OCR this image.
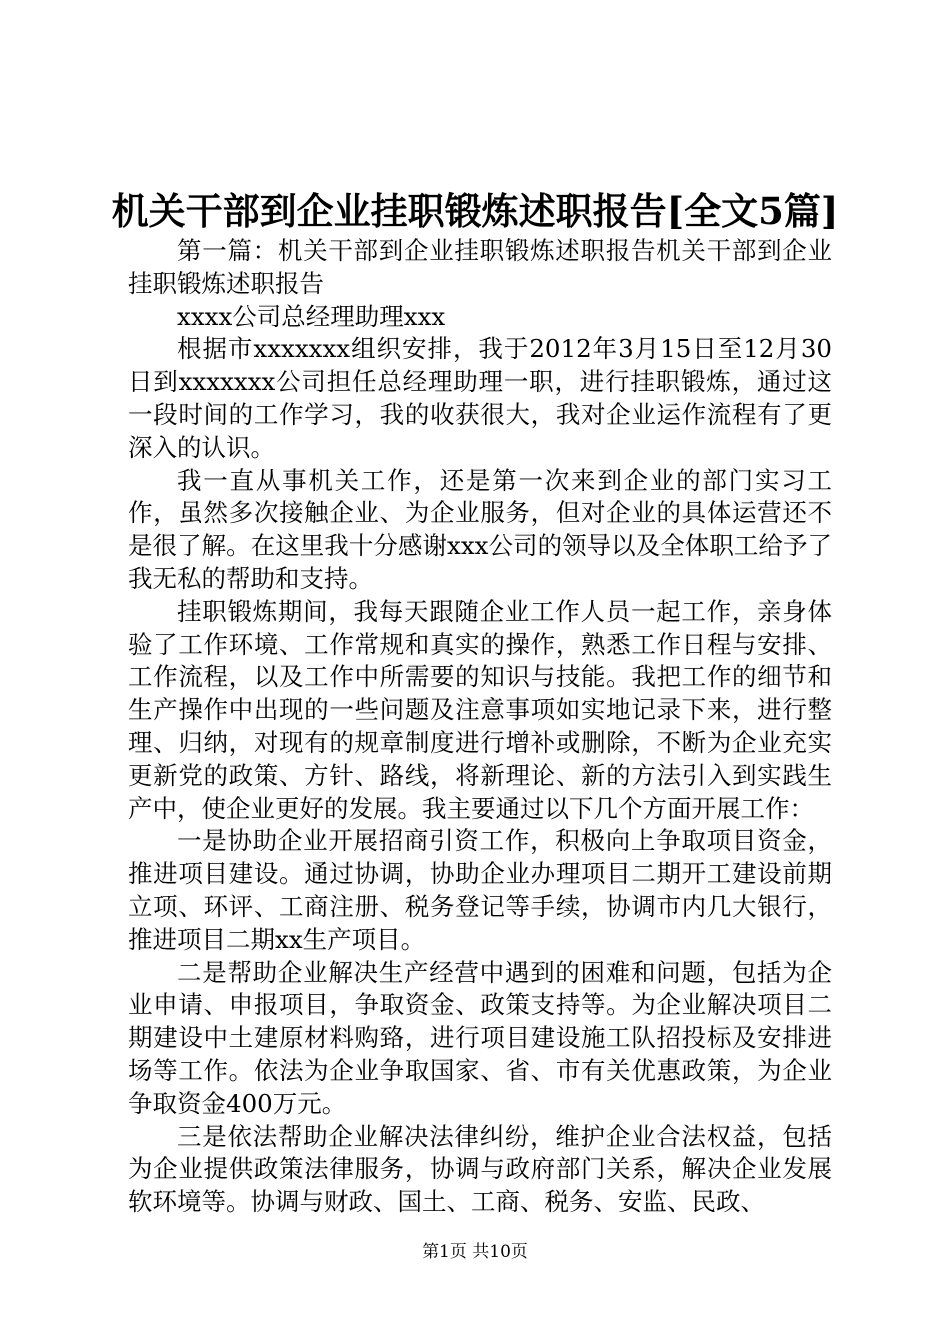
机关干部到企业挂职锻炼述职报告[全文5篇]

第一篇：机关干部到企业挂职锻炼述职报告机关干部到企业挂职锻炼述职报告

xxxx公司总经理助理xxx

根据市xxxxxxx组织安排，我于2012年3月15日至12月30日到xxxxxxx公司担任总经理助理一职，进行挂职锻炼，通过这一段时间的工作学习，我的收获很大，我对企业运作流程有了更深入的认识。

我一直从事机关工作，还是第一次来到企业的部门实习工作，虽然多次接触企业、为企业服务，但对企业的具体运营还不是很了解。在这里我十分感谢xxx公司的领导以及全体职工给予了我无私的帮助和支持。

挂职锻炼期间，我每天跟随企业工作人员一起工作，亲身体验了工作环境、工作常规和真实的操作，熟悉工作日程与安排、工作流程，以及工作中所需要的知识与技能。我把工作的细节和生产操作中出现的一些问题及注意事项如实地记录下来，进行整理、归纳，对现有的规章制度进行增补或删除，不断为企业充实更新党的政策、方针、路线，将新理论、新的方法引入到实践生产中，使企业更好的发展。我主要通过以下几个方面开展工作：

一是协助企业开展招商引资工作，积极向上争取项目资金，推进项目建设。通过协调，协助企业办理项目二期开工建设前期立项、环评、工商注册、税务登记等手续，协调市内几大银行，推进项目二期xx生产项目。

二是帮助企业解决生产经营中遇到的困难和问题，包括为企业申请、申报项目，争取资金、政策支持等。为企业解决项目二期建设中土建原材料购臵，进行项目建设施工队招投标及安排进场等工作。依法为企业争取国家、省、市有关优惠政策，为企业争取资金400万元。

三是依法帮助企业解决法律纠纷，维护企业合法权益，包括为企业提供政策法律服务，协调与政府部门关系，解决企业发展软环境等。协调与财政、国土、工商、税务、安监、民政、

第1页 共10页
